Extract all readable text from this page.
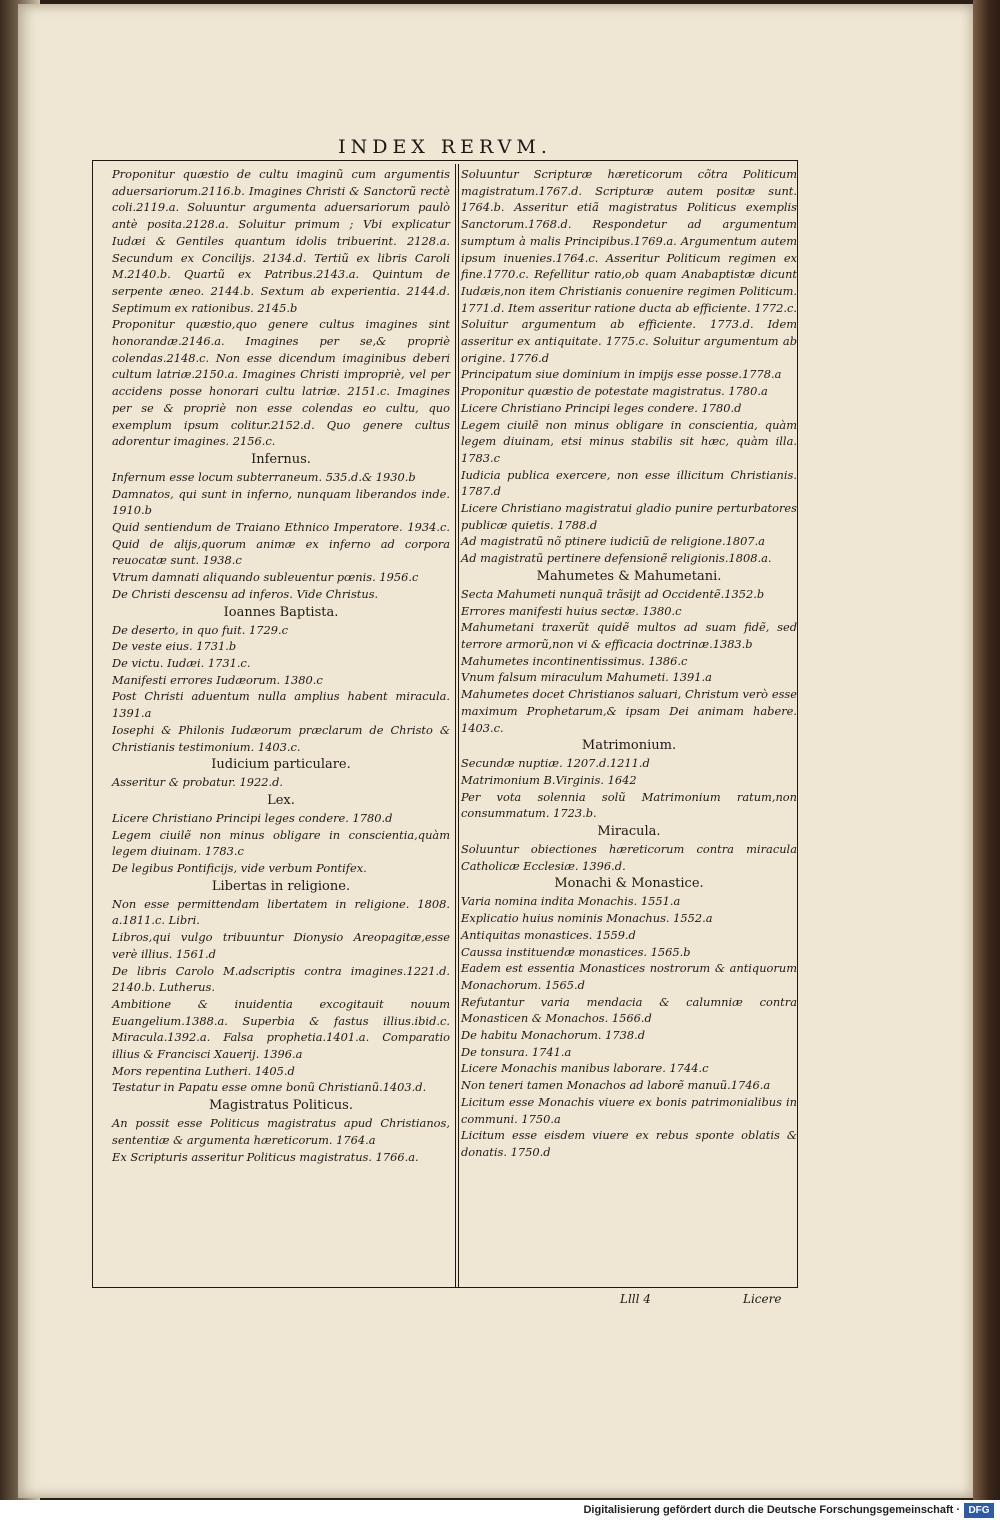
INDEX RERVM.

Proponitur quæstio de cultu imaginũ cum argumentis aduersariorum.2116.b. Imagines Christi & Sanctorũ rectè coli.2119.a. Soluuntur argumenta aduersariorum paulò antè posita.2128.a. Soluitur primum ; Vbi explicatur Iudæi & Gentiles quantum idolis tribuerint. 2128.a. Secundum ex Concilijs. 2134.d. Tertiũ ex libris Caroli M.2140.b. Quartũ ex Patribus.2143.a. Quintum de serpente æneo. 2144.b. Sextum ab experientia. 2144.d. Septimum ex rationibus. 2145.b

Proponitur quæstio,quo genere cultus imagines sint honorandæ.2146.a. Imagines per se,& propriè colendas.2148.c. Non esse dicendum imaginibus deberi cultum latriæ.2150.a. Imagines Christi impropriè, vel per accidens posse honorari cultu latriæ. 2151.c. Imagines per se & propriè non esse colendas eo cultu, quo exemplum ipsum colitur.2152.d. Quo genere cultus adorentur imagines. 2156.c.

Infernus.

Infernum esse locum subterraneum. 535.d.& 1930.b

Damnatos, qui sunt in inferno, nunquam liberandos inde. 1910.b

Quid sentiendum de Traiano Ethnico Imperatore. 1934.c. Quid de alijs,quorum animæ ex inferno ad corpora reuocatæ sunt. 1938.c

Vtrum damnati aliquando subleuentur pœnis. 1956.c

De Christi descensu ad inferos. Vide Christus.

Ioannes Baptista.

De deserto, in quo fuit. 1729.c

De veste eius. 1731.b

De victu. Iudæi. 1731.c.

Manifesti errores Iudæorum. 1380.c

Post Christi aduentum nulla amplius habent miracula. 1391.a

Iosephi & Philonis Iudæorum præclarum de Christo & Christianis testimonium. 1403.c.

Iudicium particulare.

Asseritur & probatur. 1922.d.

Lex.

Licere Christiano Principi leges condere. 1780.d

Legem ciuilẽ non minus obligare in conscientia,quàm legem diuinam. 1783.c

De legibus Pontificijs, vide verbum Pontifex.

Libertas in religione.

Non esse permittendam libertatem in religione. 1808. a.1811.c. Libri.

Libros,qui vulgo tribuuntur Dionysio Areopagitæ,esse verè illius. 1561.d

De libris Carolo M.adscriptis contra imagines.1221.d. 2140.b. Lutherus.

Ambitione & inuidentia excogitauit nouum Euangelium.1388.a. Superbia & fastus illius.ibid.c. Miracula.1392.a. Falsa prophetia.1401.a. Comparatio illius & Francisci Xauerij. 1396.a

Mors repentina Lutheri. 1405.d

Testatur in Papatu esse omne bonũ Christianũ.1403.d.

Magistratus Politicus.

An possit esse Politicus magistratus apud Christianos, sententiæ & argumenta hæreticorum. 1764.a

Ex Scripturis asseritur Politicus magistratus. 1766.a.

Soluuntur Scripturæ hæreticorum cõtra Politicum magistratum.1767.d. Scripturæ autem positæ sunt. 1764.b. Asseritur etiã magistratus Politicus exemplis Sanctorum.1768.d. Respondetur ad argumentum sumptum à malis Principibus.1769.a. Argumentum autem ipsum inuenies.1764.c. Asseritur Politicum regimen ex fine.1770.c. Refellitur ratio,ob quam Anabaptistæ dicunt Iudæis,non item Christianis conuenire regimen Politicum. 1771.d. Item asseritur ratione ducta ab efficiente. 1772.c. Soluitur argumentum ab efficiente. 1773.d. Idem asseritur ex antiquitate. 1775.c. Soluitur argumentum ab origine. 1776.d

Principatum siue dominium in impijs esse posse.1778.a

Proponitur quæstio de potestate magistratus. 1780.a

Licere Christiano Principi leges condere. 1780.d

Legem ciuilẽ non minus obligare in conscientia, quàm legem diuinam, etsi minus stabilis sit hæc, quàm illa. 1783.c

Iudicia publica exercere, non esse illicitum Christianis. 1787.d

Licere Christiano magistratui gladio punire perturbatores publicæ quietis. 1788.d

Ad magistratũ nõ ptinere iudiciũ de religione.1807.a

Ad magistratũ pertinere defensionẽ religionis.1808.a.

Mahumetes & Mahumetani.

Secta Mahumeti nunquã trãsijt ad Occidentẽ.1352.b

Errores manifesti huius sectæ. 1380.c

Mahumetani traxerũt quidẽ multos ad suam fidẽ, sed terrore armorũ,non vi & efficacia doctrinæ.1383.b

Mahumetes incontinentissimus. 1386.c

Vnum falsum miraculum Mahumeti. 1391.a

Mahumetes docet Christianos saluari, Christum verò esse maximum Prophetarum,& ipsam Dei animam habere. 1403.c.

Matrimonium.

Secundæ nuptiæ. 1207.d.1211.d

Matrimonium B.Virginis. 1642

Per vota solennia solũ Matrimonium ratum,non consummatum. 1723.b.

Miracula.

Soluuntur obiectiones hæreticorum contra miracula Catholicæ Ecclesiæ. 1396.d.

Monachi & Monastice.

Varia nomina indita Monachis. 1551.a

Explicatio huius nominis Monachus. 1552.a

Antiquitas monastices. 1559.d

Caussa instituendæ monastices. 1565.b

Eadem est essentia Monastices nostrorum & antiquorum Monachorum. 1565.d

Refutantur varia mendacia & calumniæ contra Monasticen & Monachos. 1566.d

De habitu Monachorum. 1738.d

De tonsura. 1741.a

Licere Monachis manibus laborare. 1744.c

Non teneri tamen Monachos ad laborẽ manuũ.1746.a

Licitum esse Monachis viuere ex bonis patrimonialibus in communi. 1750.a

Licitum esse eisdem viuere ex rebus sponte oblatis & donatis. 1750.d

Llll 4	Licere
Digitalisierung gefördert durch die Deutsche Forschungsgemeinschaft · DFG
